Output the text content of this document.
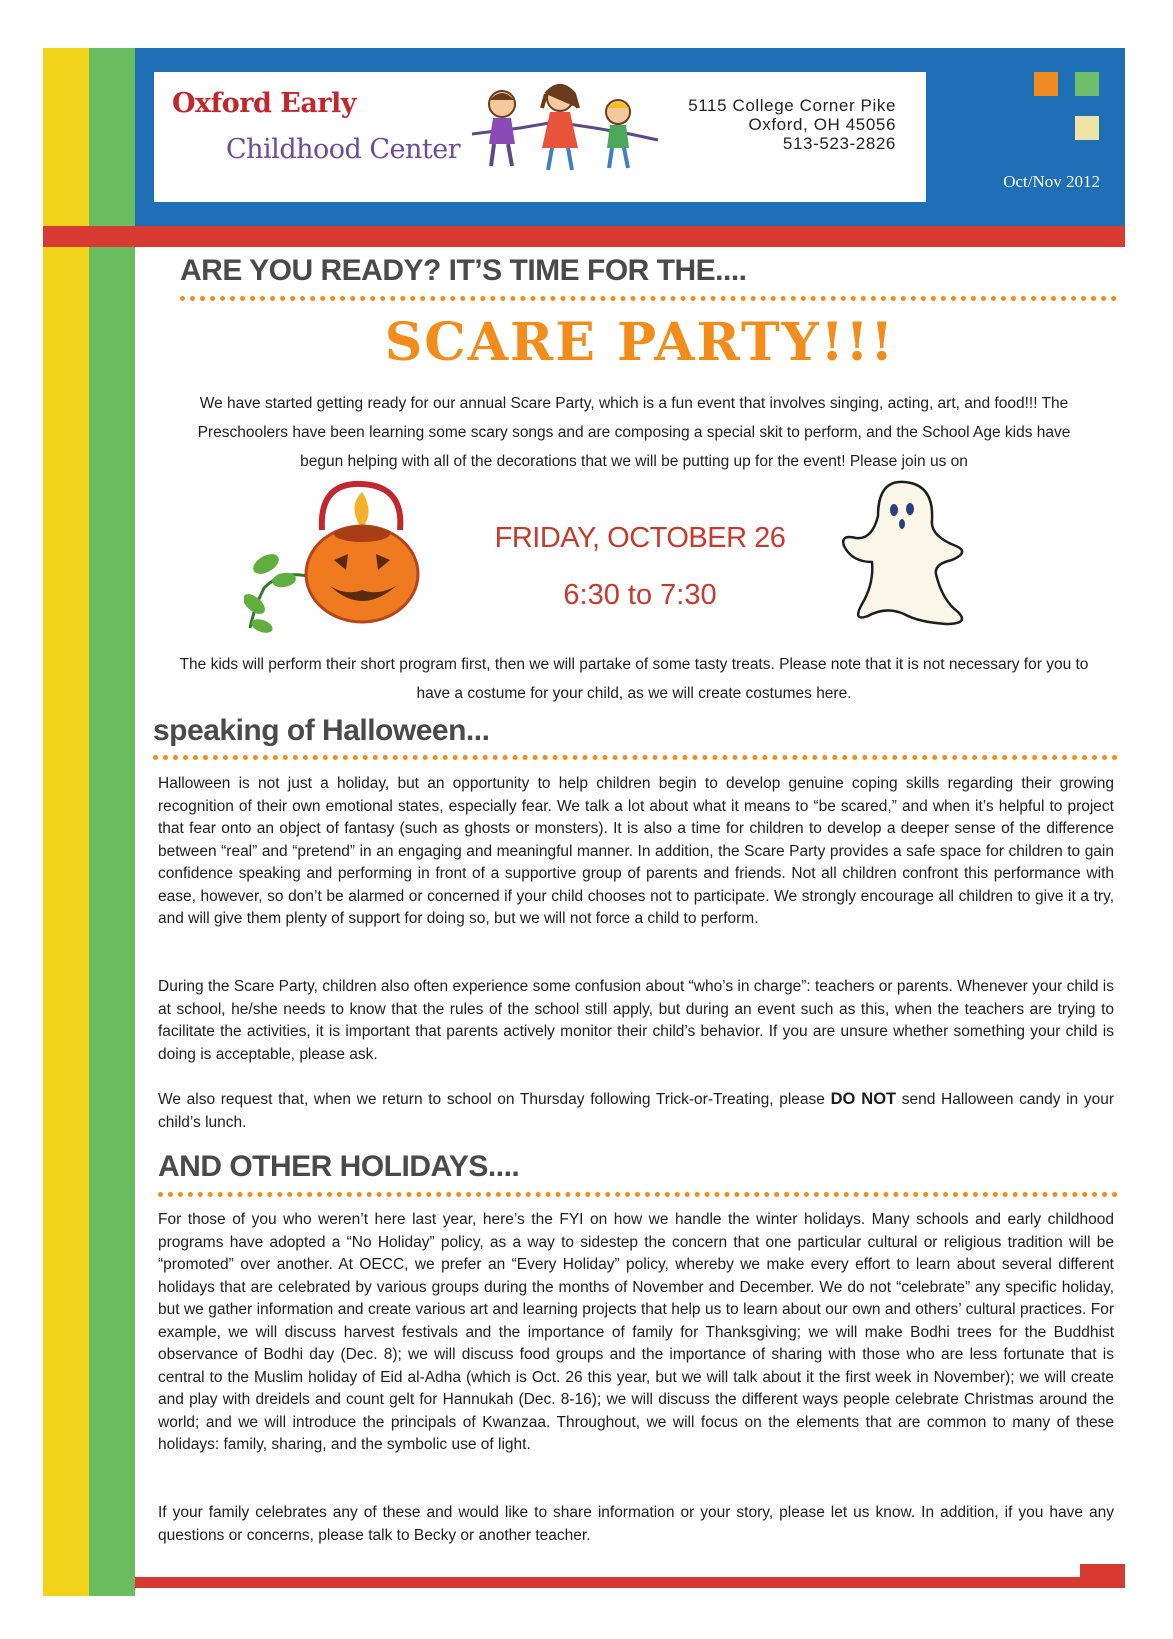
Oxford Early
Childhood Center
5115 College Corner Pike
Oxford, OH 45056
513-523-2826
Oct/Nov 2012
ARE YOU READY? IT’S TIME FOR THE....
SCARE PARTY!!!
We have started getting ready for our annual Scare Party, which is a fun event that involves singing, acting, art, and food!!! The Preschoolers have been learning some scary songs and are composing a special skit to perform, and the School Age kids have begun helping with all of the decorations that we will be putting up for the event! Please join us on
FRIDAY, OCTOBER 26
6:30 to 7:30
The kids will perform their short program first, then we will partake of some tasty treats. Please note that it is not necessary for you to have a costume for your child, as we will create costumes here.
speaking of Halloween...
Halloween is not just a holiday, but an opportunity to help children begin to develop genuine coping skills regarding their growing recognition of their own emotional states, especially fear. We talk a lot about what it means to “be scared,” and when it’s helpful to project that fear onto an object of fantasy (such as ghosts or monsters). It is also a time for children to develop a deeper sense of the difference between “real” and “pretend” in an engaging and meaningful manner. In addition, the Scare Party provides a safe space for children to gain confidence speaking and performing in front of a supportive group of parents and friends. Not all children confront this performance with ease, however, so don’t be alarmed or concerned if your child chooses not to participate. We strongly encourage all children to give it a try, and will give them plenty of support for doing so, but we will not force a child to perform.
During the Scare Party, children also often experience some confusion about “who’s in charge”: teachers or parents. Whenever your child is at school, he/she needs to know that the rules of the school still apply, but during an event such as this, when the teachers are trying to facilitate the activities, it is important that parents actively monitor their child’s behavior. If you are unsure whether something your child is doing is acceptable, please ask.
We also request that, when we return to school on Thursday following Trick-or-Treating, please DO NOT send Halloween candy in your child’s lunch.
AND OTHER HOLIDAYS....
For those of you who weren’t here last year, here’s the FYI on how we handle the winter holidays. Many schools and early childhood programs have adopted a “No Holiday” policy, as a way to sidestep the concern that one particular cultural or religious tradition will be “promoted” over another. At OECC, we prefer an “Every Holiday” policy, whereby we make every effort to learn about several different holidays that are celebrated by various groups during the months of November and December. We do not “celebrate” any specific holiday, but we gather information and create various art and learning projects that help us to learn about our own and others’ cultural practices. For example, we will discuss harvest festivals and the importance of family for Thanksgiving; we will make Bodhi trees for the Buddhist observance of Bodhi day (Dec. 8); we will discuss food groups and the importance of sharing with those who are less fortunate that is central to the Muslim holiday of Eid al-Adha (which is Oct. 26 this year, but we will talk about it the first week in November); we will create and play with dreidels and count gelt for Hannukah (Dec. 8-16); we will discuss the different ways people celebrate Christmas around the world; and we will introduce the principals of Kwanzaa. Throughout, we will focus on the elements that are common to many of these holidays: family, sharing, and the symbolic use of light.
If your family celebrates any of these and would like to share information or your story, please let us know. In addition, if you have any questions or concerns, please talk to Becky or another teacher.
